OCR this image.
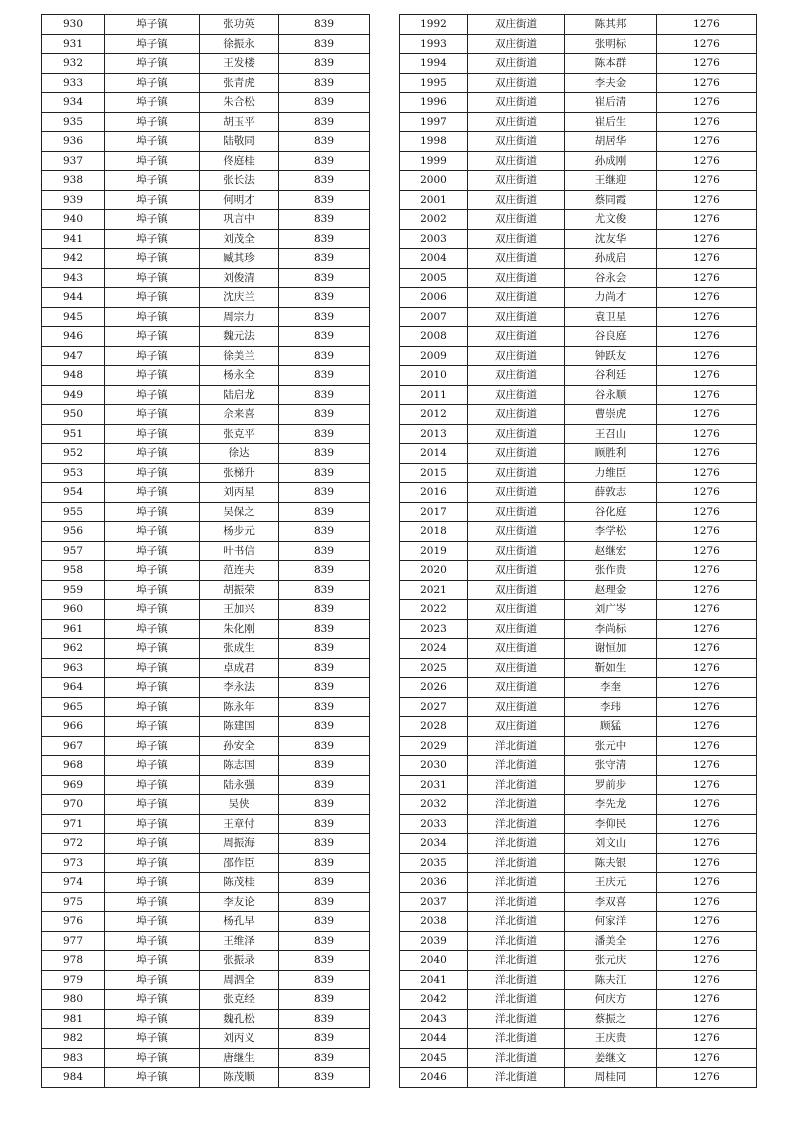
930	埠子镇	张功英	839
931	埠子镇	徐振永	839
932	埠子镇	王发楼	839
933	埠子镇	张青虎	839
934	埠子镇	朱合松	839
935	埠子镇	胡玉平	839
936	埠子镇	陆敬同	839
937	埠子镇	佟庭桂	839
938	埠子镇	张长法	839
939	埠子镇	何明才	839
940	埠子镇	巩言中	839
941	埠子镇	刘茂全	839
942	埠子镇	臧其珍	839
943	埠子镇	刘俊清	839
944	埠子镇	沈庆兰	839
945	埠子镇	周宗力	839
946	埠子镇	魏元法	839
947	埠子镇	徐美兰	839
948	埠子镇	杨永全	839
949	埠子镇	陆启龙	839
950	埠子镇	佘来喜	839
951	埠子镇	张克平	839
952	埠子镇	徐达	839
953	埠子镇	张梯升	839
954	埠子镇	刘丙星	839
955	埠子镇	吴保之	839
956	埠子镇	杨步元	839
957	埠子镇	叶书信	839
958	埠子镇	范连夫	839
959	埠子镇	胡振荣	839
960	埠子镇	王加兴	839
961	埠子镇	朱化刚	839
962	埠子镇	张成生	839
963	埠子镇	卓成君	839
964	埠子镇	李永法	839
965	埠子镇	陈永年	839
966	埠子镇	陈建国	839
967	埠子镇	孙安全	839
968	埠子镇	陈志国	839
969	埠子镇	陆永强	839
970	埠子镇	吴侠	839
971	埠子镇	王章付	839
972	埠子镇	周振海	839
973	埠子镇	邵作臣	839
974	埠子镇	陈茂桂	839
975	埠子镇	李友论	839
976	埠子镇	杨孔早	839
977	埠子镇	王维泽	839
978	埠子镇	张振录	839
979	埠子镇	周泗全	839
980	埠子镇	张克经	839
981	埠子镇	魏孔松	839
982	埠子镇	刘丙义	839
983	埠子镇	唐继生	839
984	埠子镇	陈茂顺	839
1992	双庄街道	陈其邦	1276
1993	双庄街道	张明标	1276
1994	双庄街道	陈本群	1276
1995	双庄街道	李夫金	1276
1996	双庄街道	崔后清	1276
1997	双庄街道	崔后生	1276
1998	双庄街道	胡居华	1276
1999	双庄街道	孙成刚	1276
2000	双庄街道	王继迎	1276
2001	双庄街道	蔡同霞	1276
2002	双庄街道	尤文俊	1276
2003	双庄街道	沈友华	1276
2004	双庄街道	孙成启	1276
2005	双庄街道	谷永会	1276
2006	双庄街道	力尚才	1276
2007	双庄街道	袁卫星	1276
2008	双庄街道	谷良庭	1276
2009	双庄街道	钟跃友	1276
2010	双庄街道	谷利廷	1276
2011	双庄街道	谷永顺	1276
2012	双庄街道	曹崇虎	1276
2013	双庄街道	王召山	1276
2014	双庄街道	顾胜利	1276
2015	双庄街道	力维臣	1276
2016	双庄街道	薛敦志	1276
2017	双庄街道	谷化庭	1276
2018	双庄街道	李学松	1276
2019	双庄街道	赵继宏	1276
2020	双庄街道	张作贵	1276
2021	双庄街道	赵理金	1276
2022	双庄街道	刘广岑	1276
2023	双庄街道	李尚标	1276
2024	双庄街道	谢恒加	1276
2025	双庄街道	靳如生	1276
2026	双庄街道	李奎	1276
2027	双庄街道	李玮	1276
2028	双庄街道	顾猛	1276
2029	洋北街道	张元中	1276
2030	洋北街道	张守清	1276
2031	洋北街道	罗前步	1276
2032	洋北街道	李先龙	1276
2033	洋北街道	李仰民	1276
2034	洋北街道	刘文山	1276
2035	洋北街道	陈夫银	1276
2036	洋北街道	王庆元	1276
2037	洋北街道	李双喜	1276
2038	洋北街道	何家洋	1276
2039	洋北街道	潘美全	1276
2040	洋北街道	张元庆	1276
2041	洋北街道	陈夫江	1276
2042	洋北街道	何庆方	1276
2043	洋北街道	蔡振之	1276
2044	洋北街道	王庆贵	1276
2045	洋北街道	姜继文	1276
2046	洋北街道	周桂同	1276
